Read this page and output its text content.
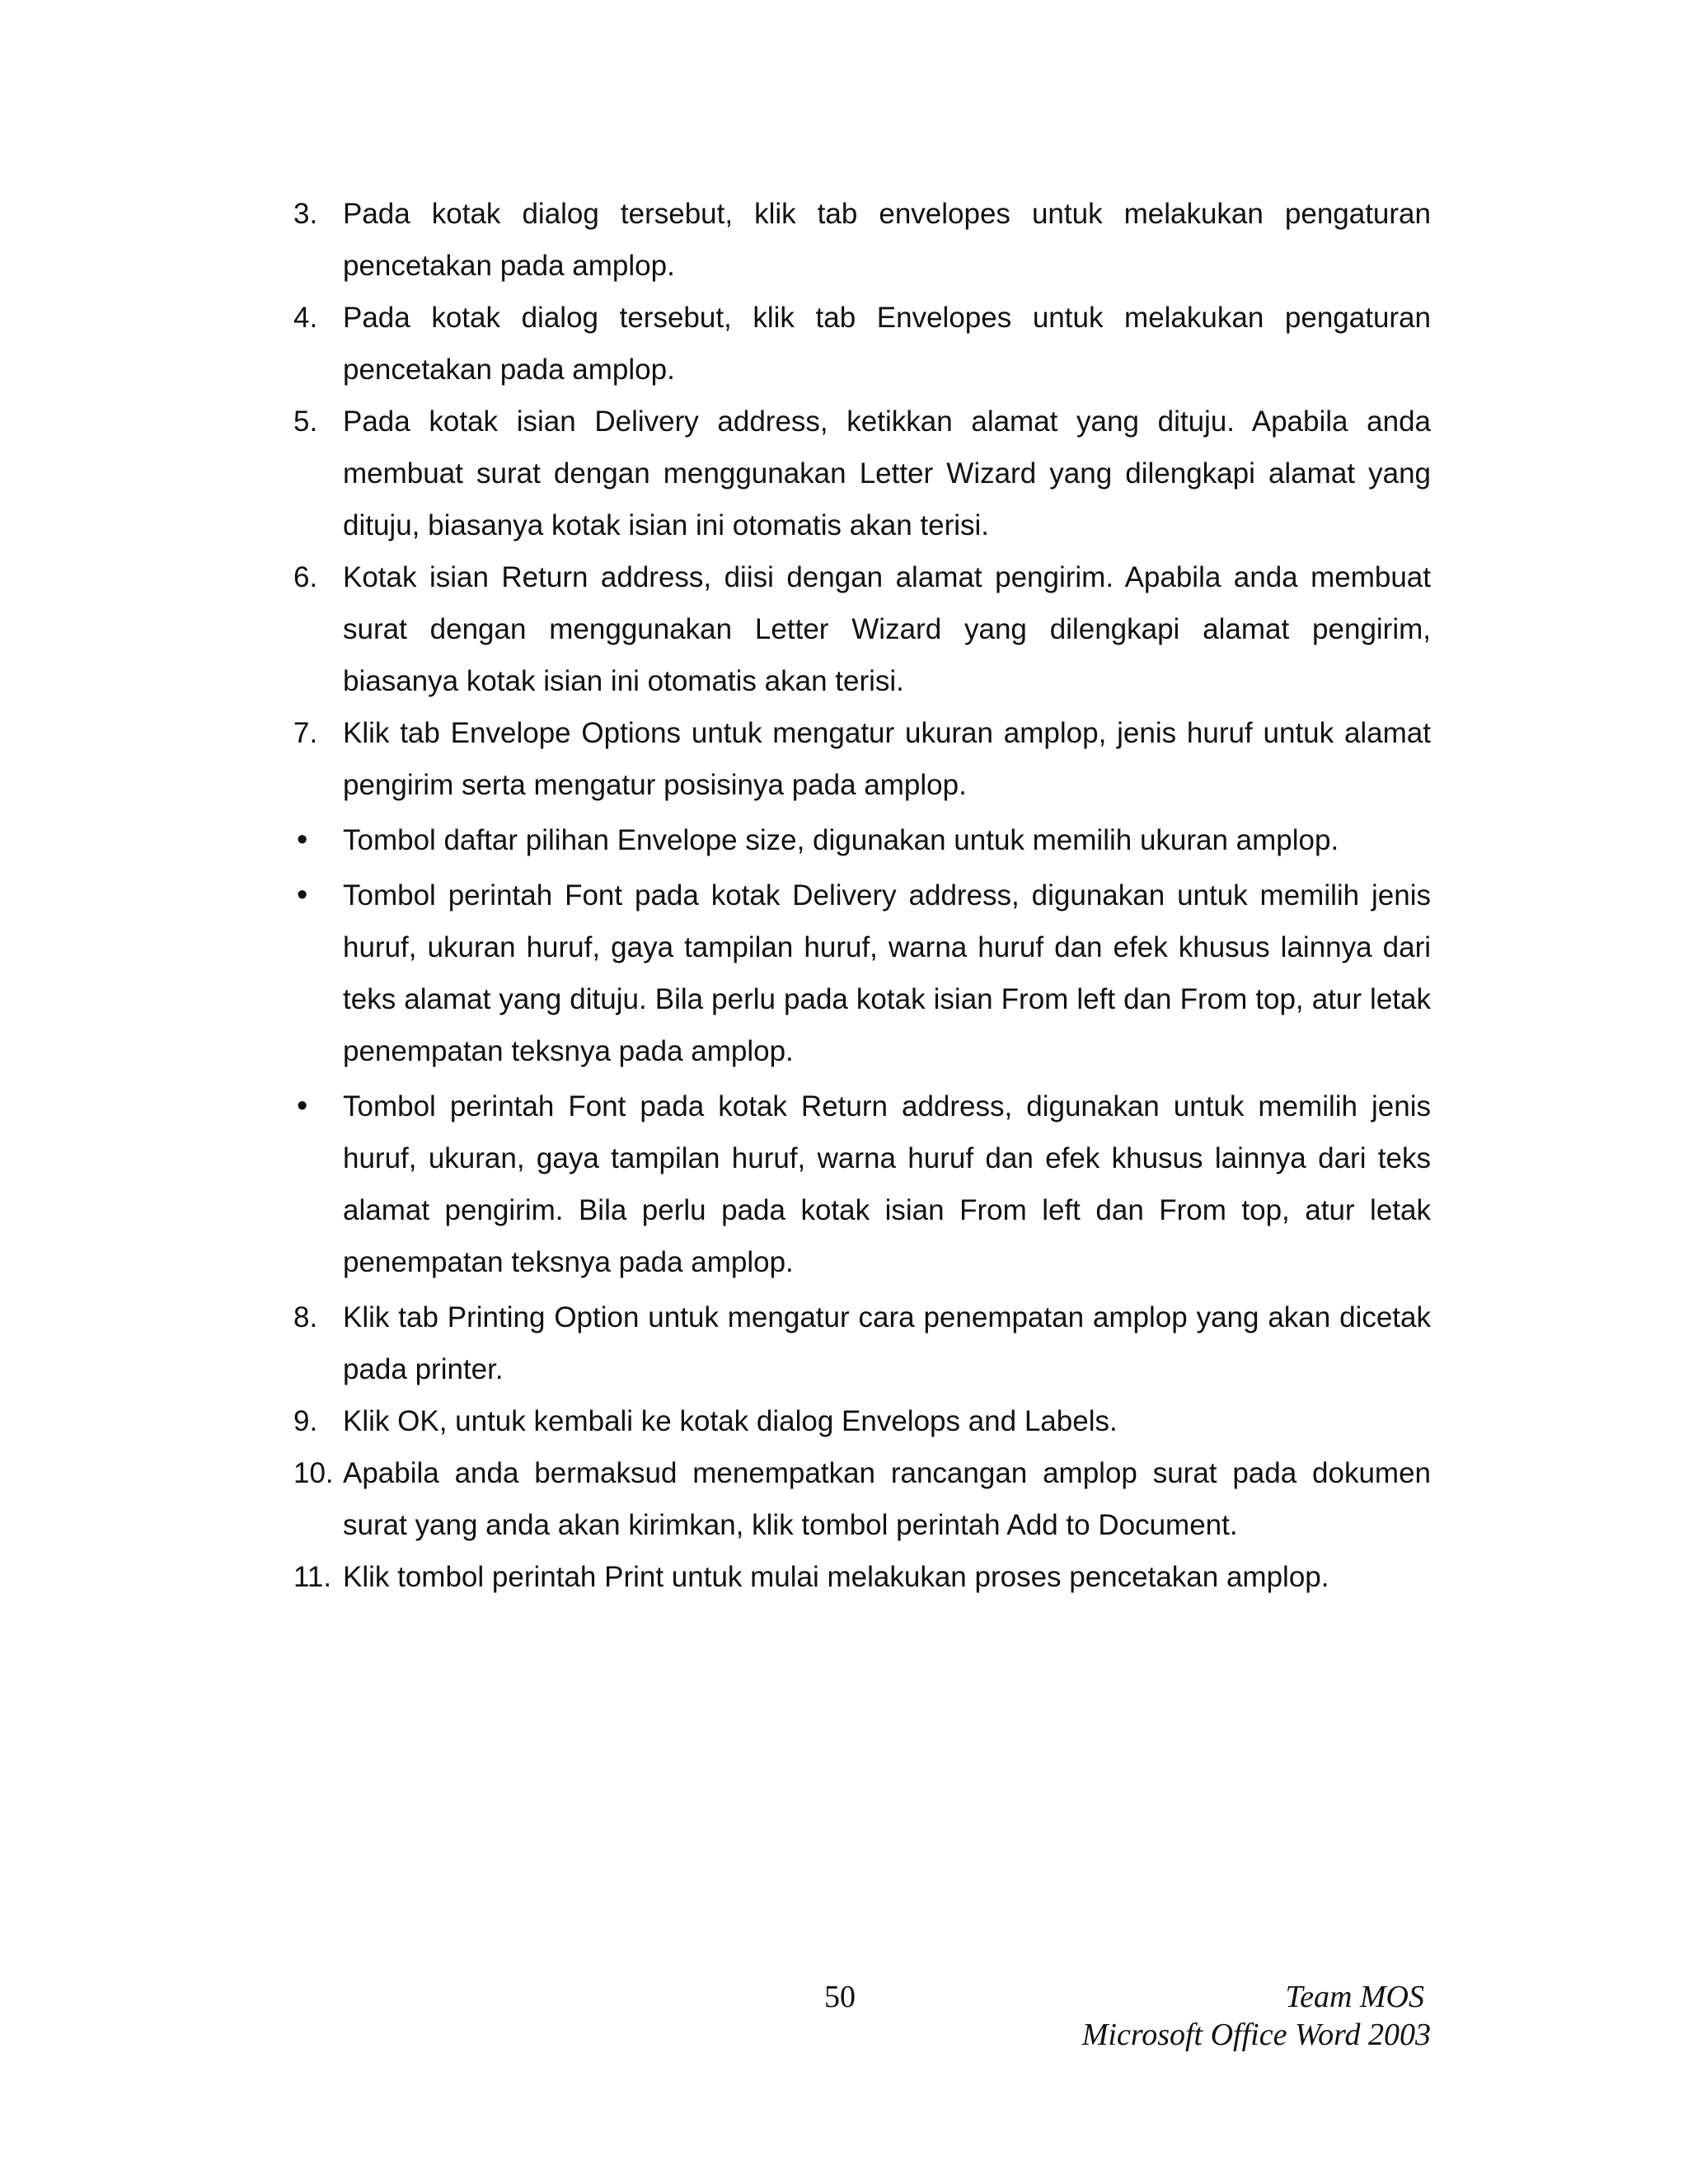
3. Pada kotak dialog tersebut, klik tab envelopes untuk melakukan pengaturan pencetakan pada amplop.
4. Pada kotak dialog tersebut, klik tab Envelopes untuk melakukan pengaturan pencetakan pada amplop.
5. Pada kotak isian Delivery address, ketikkan alamat yang dituju. Apabila anda membuat surat dengan menggunakan Letter Wizard yang dilengkapi alamat yang dituju, biasanya kotak isian ini otomatis akan terisi.
6. Kotak isian Return address, diisi dengan alamat pengirim. Apabila anda membuat surat dengan menggunakan Letter Wizard yang dilengkapi alamat pengirim, biasanya kotak isian ini otomatis akan terisi.
7. Klik tab Envelope Options untuk mengatur ukuran amplop, jenis huruf untuk alamat pengirim serta mengatur posisinya pada amplop.
•	Tombol daftar pilihan Envelope size, digunakan untuk memilih ukuran amplop.
•	Tombol perintah Font pada kotak Delivery address, digunakan untuk memilih jenis huruf, ukuran huruf, gaya tampilan huruf, warna huruf dan efek khusus lainnya dari teks alamat yang dituju. Bila perlu pada kotak isian From left dan From top, atur letak penempatan teksnya pada amplop.
•	Tombol perintah Font pada kotak Return address, digunakan untuk memilih jenis huruf, ukuran, gaya tampilan huruf, warna huruf dan efek khusus lainnya dari teks alamat pengirim. Bila perlu pada kotak isian From left dan From top, atur letak penempatan teksnya pada amplop.
8. Klik tab Printing Option untuk mengatur cara penempatan amplop yang akan dicetak pada printer.
9. Klik OK, untuk kembali ke kotak dialog Envelops and Labels.
10. Apabila anda bermaksud menempatkan rancangan amplop surat pada dokumen surat yang anda akan kirimkan, klik tombol perintah Add to Document.
11. Klik tombol perintah Print untuk mulai melakukan proses pencetakan amplop.
50	Team MOS
Microsoft Office Word 2003
